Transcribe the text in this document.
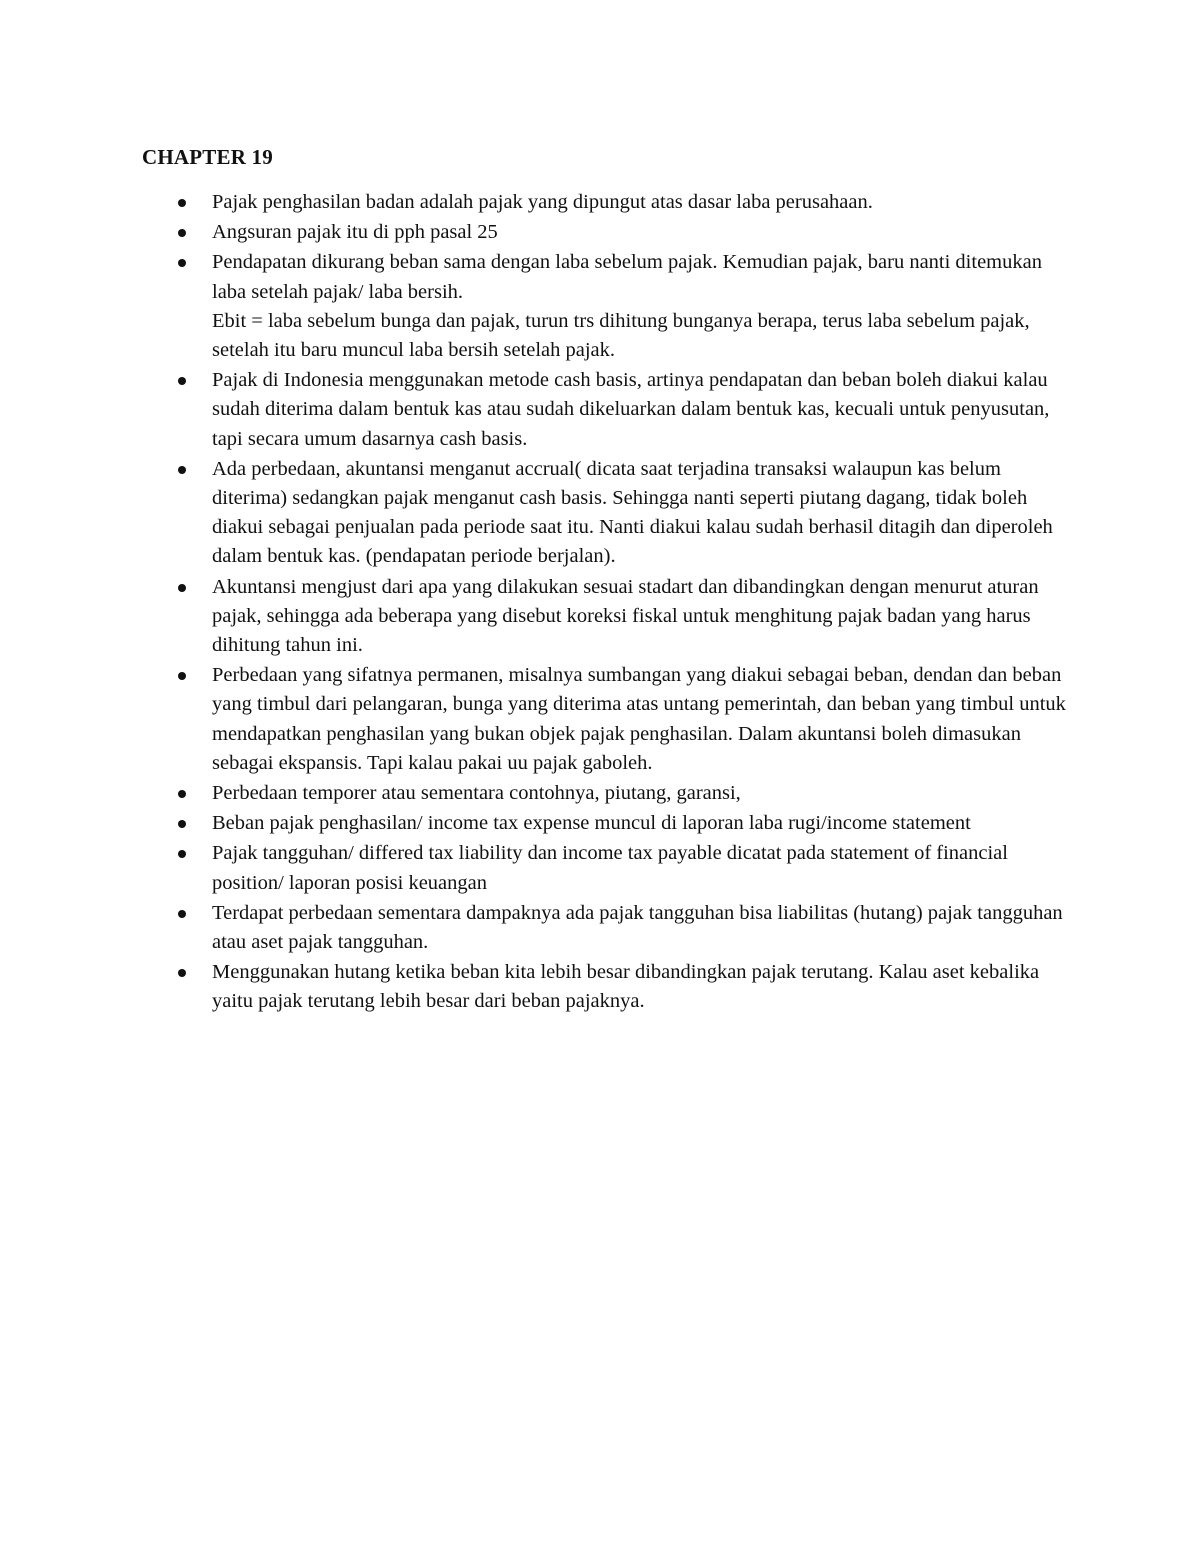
CHAPTER 19
Pajak penghasilan badan adalah pajak yang dipungut atas dasar laba perusahaan.
Angsuran pajak itu di pph pasal 25
Pendapatan dikurang beban sama dengan laba sebelum pajak. Kemudian pajak, baru nanti ditemukan laba setelah pajak/ laba bersih.
Ebit = laba sebelum bunga dan pajak, turun trs dihitung bunganya berapa, terus laba sebelum pajak, setelah itu baru muncul laba bersih setelah pajak.
Pajak di Indonesia menggunakan metode cash basis, artinya pendapatan dan beban boleh diakui kalau sudah diterima dalam bentuk kas atau sudah dikeluarkan dalam bentuk kas, kecuali untuk penyusutan, tapi secara umum dasarnya cash basis.
Ada perbedaan, akuntansi menganut accrual( dicata saat terjadina transaksi walaupun kas belum diterima) sedangkan pajak menganut cash basis. Sehingga nanti seperti piutang dagang, tidak boleh diakui sebagai penjualan pada periode saat itu. Nanti diakui kalau sudah berhasil ditagih dan diperoleh dalam bentuk kas. (pendapatan periode berjalan).
Akuntansi mengjust dari apa yang dilakukan sesuai stadart dan dibandingkan dengan menurut aturan pajak, sehingga ada beberapa yang disebut koreksi fiskal untuk menghitung pajak badan yang harus dihitung tahun ini.
Perbedaan yang sifatnya permanen, misalnya sumbangan yang diakui sebagai beban, dendan dan beban yang timbul dari pelangaran, bunga yang diterima atas untang pemerintah, dan beban yang timbul untuk mendapatkan penghasilan yang bukan objek pajak penghasilan. Dalam akuntansi boleh dimasukan sebagai ekspansis. Tapi kalau pakai uu pajak gaboleh.
Perbedaan temporer atau sementara contohnya, piutang, garansi,
Beban pajak penghasilan/ income tax expense muncul di laporan laba rugi/income statement
Pajak tangguhan/ differed tax liability dan income tax payable dicatat pada statement of financial position/ laporan posisi keuangan
Terdapat perbedaan sementara dampaknya ada pajak tangguhan bisa liabilitas (hutang) pajak tangguhan atau aset pajak tangguhan.
Menggunakan hutang ketika beban kita lebih besar dibandingkan pajak terutang. Kalau aset kebalika yaitu pajak terutang lebih besar dari beban pajaknya.
